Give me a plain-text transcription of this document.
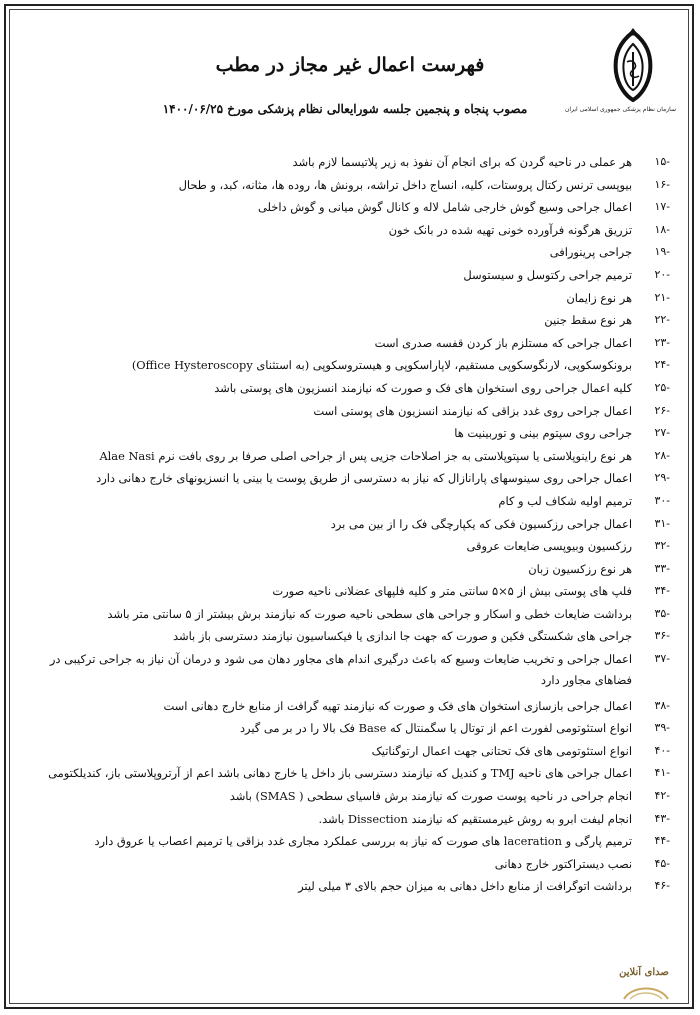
سازمان نظام پزشکی جمهوری اسلامی ایران
فهرست اعمال غیر مجاز در مطب
مصوب پنجاه و پنجمین جلسه شورایعالی نظام پزشکی مورخ ۱۴۰۰/۰۶/۲۵
-۱۵
هر عملی در ناحیه گردن که برای انجام آن نفوذ به زیر پلاتیسما لازم باشد
-۱۶
بیوپسی ترنس رکتال پروستات، کلیه، انساج داخل تراشه، برونش ها، روده ها، مثانه، کبد، و طحال
-۱۷
اعمال جراحی وسیع گوش خارجی شامل لاله و کانال گوش میانی و گوش داخلی
-۱۸
تزریق هرگونه فرآورده خونی تهیه شده در بانک خون
-۱۹
جراحی پرینورافی
-۲۰
ترمیم جراحی رکتوسل و سیستوسل
-۲۱
هر نوع زایمان
-۲۲
هر نوع سقط جنین
-۲۳
اعمال جراحی که مستلزم باز کردن قفسه صدری است
-۲۴
برونکوسکوپی، لارنگوسکوپی مستقیم، لاپاراسکوپی و هیستروسکوپی (به استثنای Office Hysteroscopy)
-۲۵
کلیه اعمال جراحی روی استخوان های فک و صورت که نیازمند انسزیون های پوستی باشد
-۲۶
اعمال جراحی روی غدد بزاقی که نیازمند انسزیون های پوستی است
-۲۷
جراحی روی سپتوم بینی و توربینیت ها
-۲۸
هر نوع راینوپلاستی یا سپتوپلاستی به جز اصلاحات جزیی پس از جراحی اصلی صرفا بر روی بافت نرم Alae Nasi
-۲۹
اعمال جراحی روی سینوسهای پارانازال که نیاز به دسترسی از طریق پوست یا بینی یا انسزیونهای خارج دهانی دارد
-۳۰
ترمیم اولیه شکاف لب و کام
-۳۱
اعمال جراحی رزکسیون فکی که یکپارچگی فک را از بین می برد
-۳۲
رزکسیون وبیوپسی ضایعات عروقی
-۳۳
هر نوع رزکسیون زبان
-۳۴
فلپ های پوستی بیش از ۵×۵ سانتی متر و کلیه فلپهای عضلانی ناحیه صورت
-۳۵
برداشت ضایعات خطی و اسکار و جراحی های سطحی ناحیه صورت که نیازمند برش بیشتر از ۵ سانتی متر باشد
-۳۶
جراحی های شکستگی فکین و صورت که جهت جا اندازی یا فیکساسیون نیازمند دسترسی باز باشد
-۳۷
اعمال جراحی و تخریب ضایعات وسیع که باعث درگیری اندام های مجاور دهان می شود و درمان آن نیاز به جراحی ترکیبی در فضاهای مجاور دارد
-۳۸
اعمال جراحی بازسازی استخوان های فک و صورت که نیازمند تهیه گرافت از منابع خارج دهانی است
-۳۹
انواع استئوتومی لفورت اعم از توتال یا سگمنتال که Base فک بالا را در بر می گیرد
-۴۰
انواع استئوتومی های فک تحتانی جهت اعمال ارتوگناتیک
-۴۱
اعمال جراحی های ناحیه TMJ و کندیل که نیازمند دسترسی باز داخل یا خارج دهانی باشد اعم از آرتروپلاستی باز، کندیلکتومی
-۴۲
انجام جراحی در ناحیه پوست صورت که نیازمند برش فاسیای سطحی ( SMAS) باشد
-۴۳
انجام لیفت ابرو به روش غیرمستقیم که نیازمند Dissection باشد.
-۴۴
ترمیم پارگی و laceration های صورت که نیاز به بررسی عملکرد مجاری غدد بزاقی یا ترمیم اعصاب یا عروق دارد
-۴۵
نصب دیستراکتور خارج دهانی
-۴۶
برداشت اتوگرافت از منابع داخل دهانی به میزان حجم بالای ۳ میلی لیتر
صدای آنلاین
